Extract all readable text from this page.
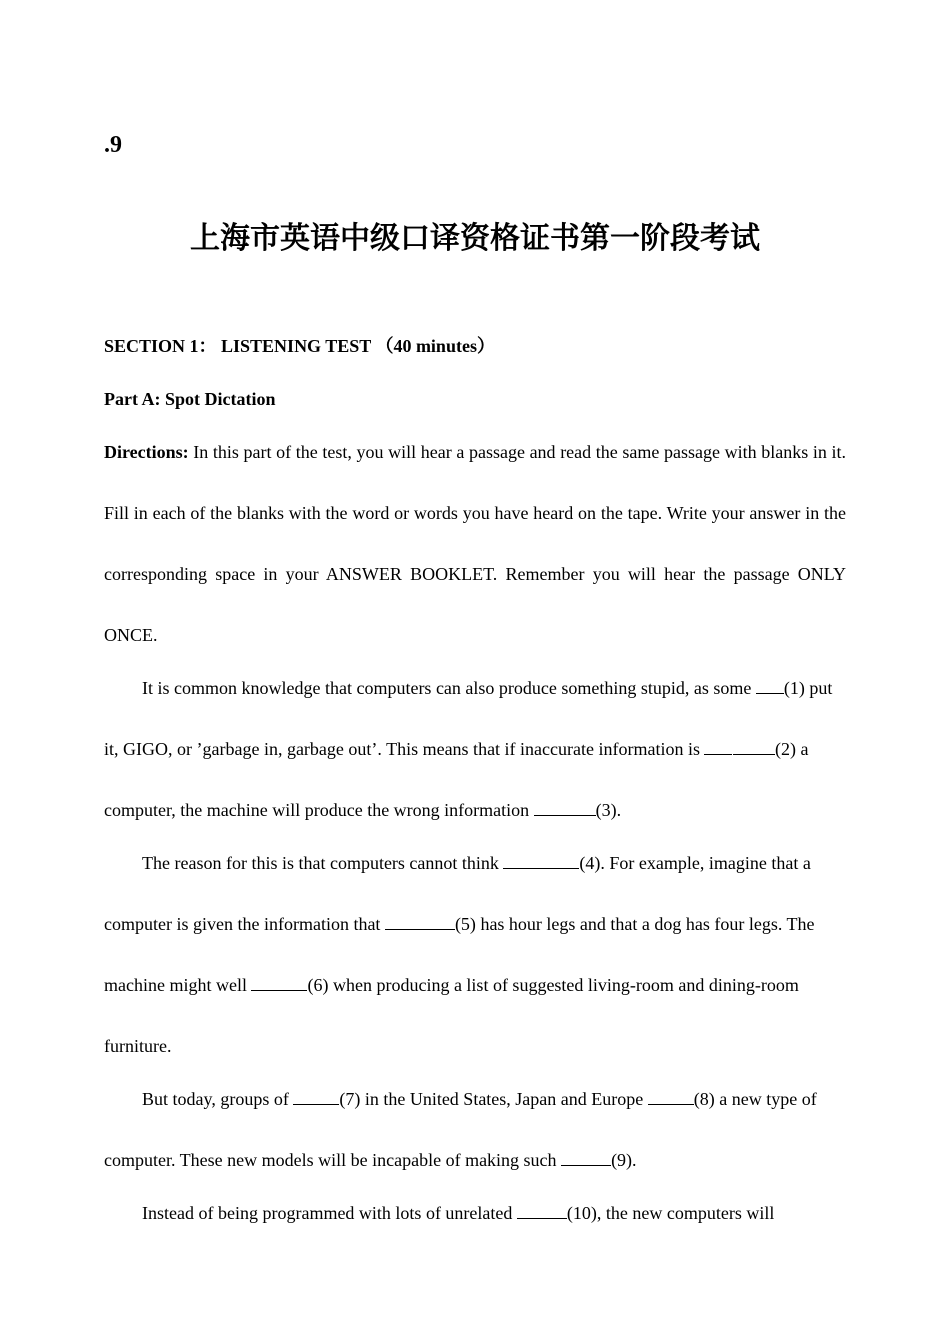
.9
上海市英语中级口译资格证书第一阶段考试

SECTION 1： LISTENING TEST （40 minutes）

Part A: Spot Dictation

Directions: In this part of the test, you will hear a passage and read the same passage with blanks in it. Fill in each of the blanks with the word or words you have heard on the tape. Write your answer in the corresponding space in your ANSWER BOOKLET. Remember you will hear the passage ONLY ONCE.

It is common knowledge that computers can also produce something stupid, as some (1) put it, GIGO, or ’garbage in, garbage out’. This means that if inaccurate information is	(2) a computer, the machine will produce the wrong information	(3).

The reason for this is that computers cannot think	(4). For example, imagine that a computer is given the information that	(5) has hour legs and that a dog has four legs. The machine might well	(6) when producing a list of suggested living-room and dining-room furniture.

But today, groups of	(7) in the United States, Japan and Europe	(8) a new type of computer. These new models will be incapable of making such	(9).

Instead of being programmed with lots of unrelated	(10), the new computers will
